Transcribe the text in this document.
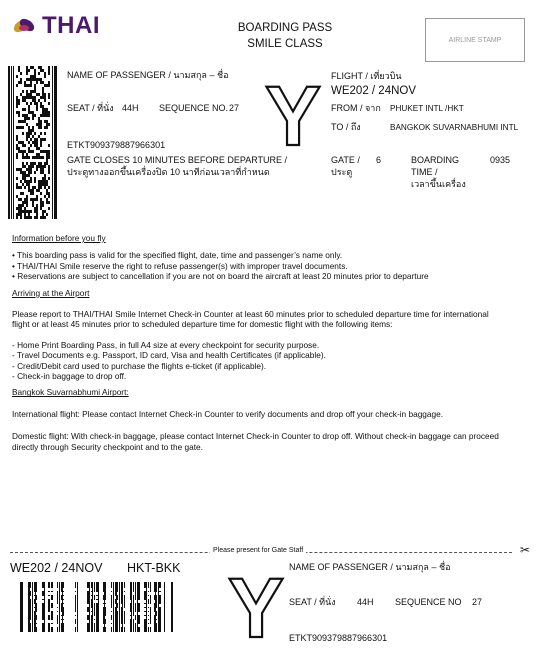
THAI	BOARDING PASS
SMILE CLASS	AIRLINE STAMP
NAME OF PASSENGER / นามสกุล – ชื่อ
SEAT / ที่นั่ง 44H SEQUENCE NO. 27
ETKT909379887966301
GATE CLOSES 10 MINUTES BEFORE DEPARTURE /
ประตูทางออกขึ้นเครื่องปิด 10 นาทีก่อนเวลาที่กำหนด
Y FLIGHT / เที่ยวบิน
WE202 / 24NOV
FROM / จาก PHUKET INTL /HKT
TO / ถึง	BANGKOK SUVARNABHUMI INTL
GATE /
ประตู
6	BOARDING
TIME /
เวลาขึ้นเครื่อง
0935

Information before you fly

• This boarding pass is valid for the specified flight, date, time and passenger’s name only.

• THAI/THAI Smile reserve the right to refuse passenger(s) with improper travel documents.

• Reservations are subject to cancellation if you are not on board the aircraft at least 20 minutes prior to departure

Arriving at the Airport

Please report to THAI/THAI Smile Internet Check-in Counter at least 60 minutes prior to scheduled departure time for international

flight or at least 45 minutes prior to scheduled departure time for domestic flight with the following items:

- Home Print Boarding Pass, in full A4 size at every checkpoint for security purpose.

- Travel Documents e.g. Passport, ID card, Visa and health Certificates (if applicable).

- Credit/Debit card used to purchase the flights e-ticket (if applicable).

- Check-in baggage to drop off.

Bangkok Suvarnabhumi Airport:

International flight: Please contact Internet Check-in Counter to verify documents and drop off your check-in baggage.

Domestic flight: With check-in baggage, please contact Internet Check-in Counter to drop off. Without check-in baggage can proceed

directly through Security checkpoint and to the gate.

Please present for Gate Staff	✂
WE202 / 24NOV HKT-BKK Y NAME OF PASSENGER / นามสกุล – ชื่อ
SEAT / ที่นั่ง 44H SEQUENCE NO 27
ETKT909379887966301
